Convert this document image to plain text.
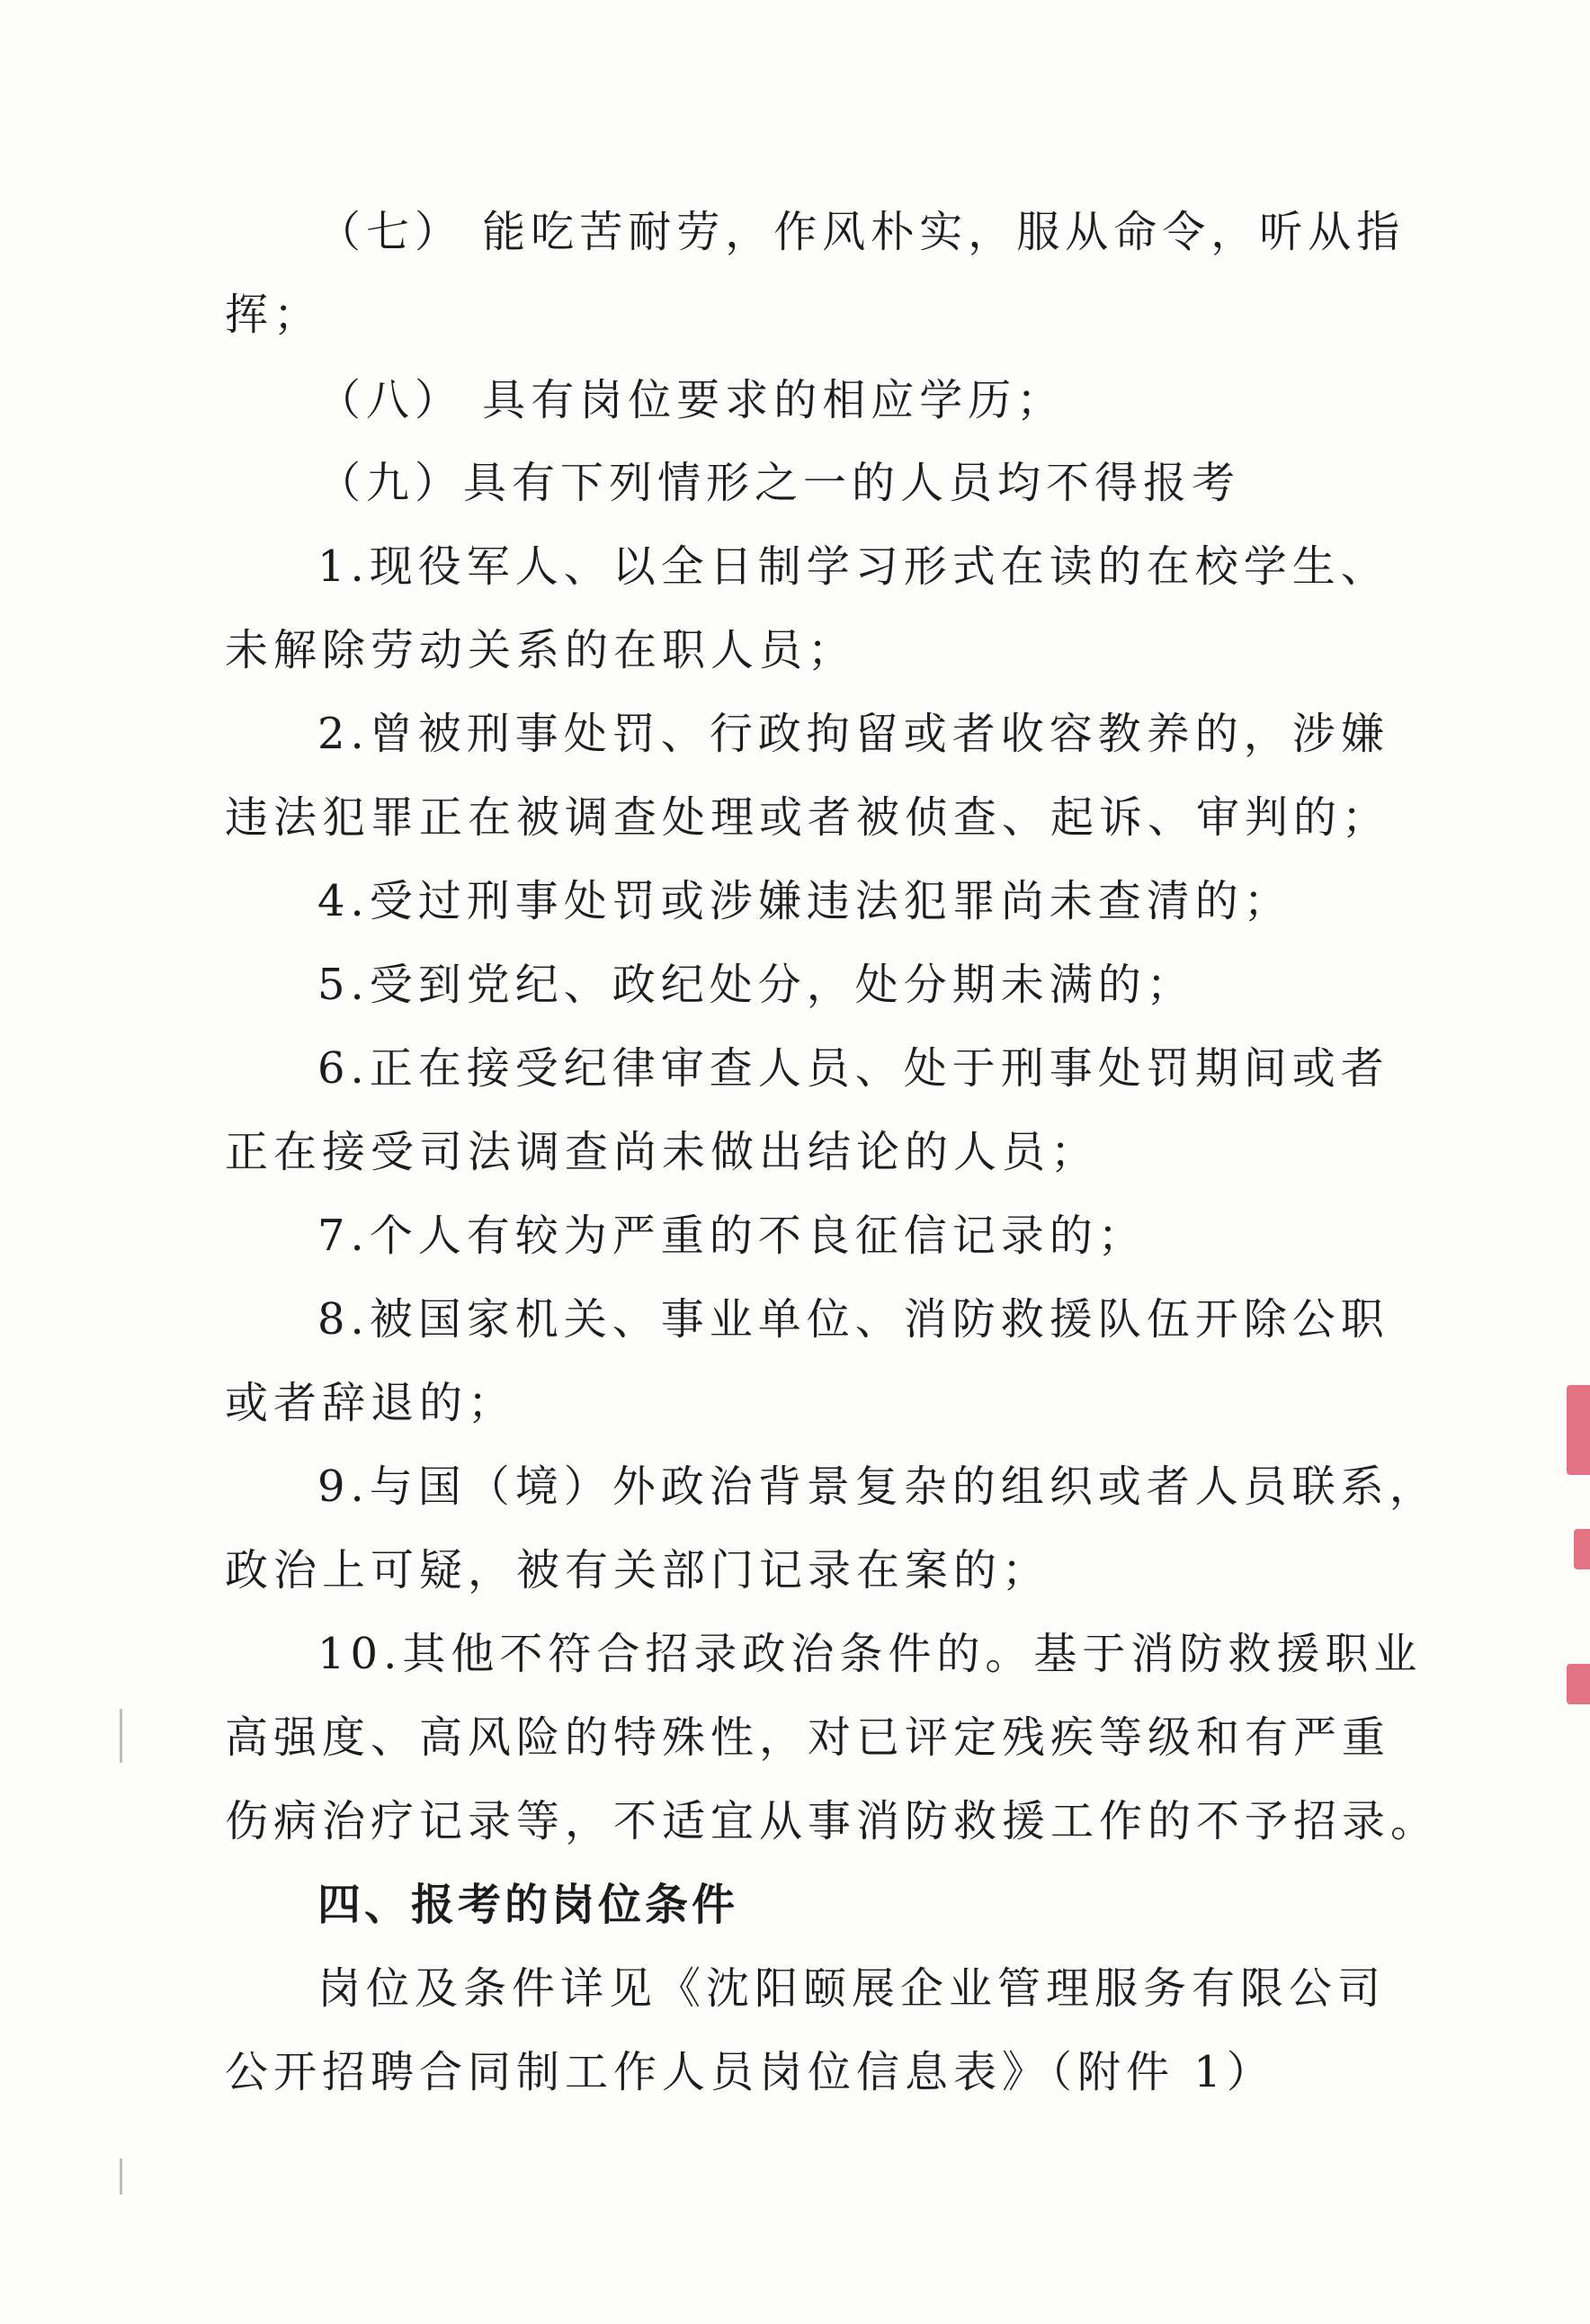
（七） 能吃苦耐劳，作风朴实，服从命令，听从指
挥；
（八） 具有岗位要求的相应学历；
（九）具有下列情形之一的人员均不得报考
1.现役军人、以全日制学习形式在读的在校学生、
未解除劳动关系的在职人员；
2.曾被刑事处罚、行政拘留或者收容教养的，涉嫌
违法犯罪正在被调查处理或者被侦查、起诉、审判的；
4.受过刑事处罚或涉嫌违法犯罪尚未查清的；
5.受到党纪、政纪处分，处分期未满的；
6.正在接受纪律审查人员、处于刑事处罚期间或者
正在接受司法调查尚未做出结论的人员；
7.个人有较为严重的不良征信记录的；
8.被国家机关、事业单位、消防救援队伍开除公职
或者辞退的；
9.与国（境）外政治背景复杂的组织或者人员联系，
政治上可疑，被有关部门记录在案的；
10.其他不符合招录政治条件的。基于消防救援职业
高强度、高风险的特殊性，对已评定残疾等级和有严重
伤病治疗记录等，不适宜从事消防救援工作的不予招录。
四、报考的岗位条件
岗位及条件详见《沈阳颐展企业管理服务有限公司
公开招聘合同制工作人员岗位信息表》（附件 1）
